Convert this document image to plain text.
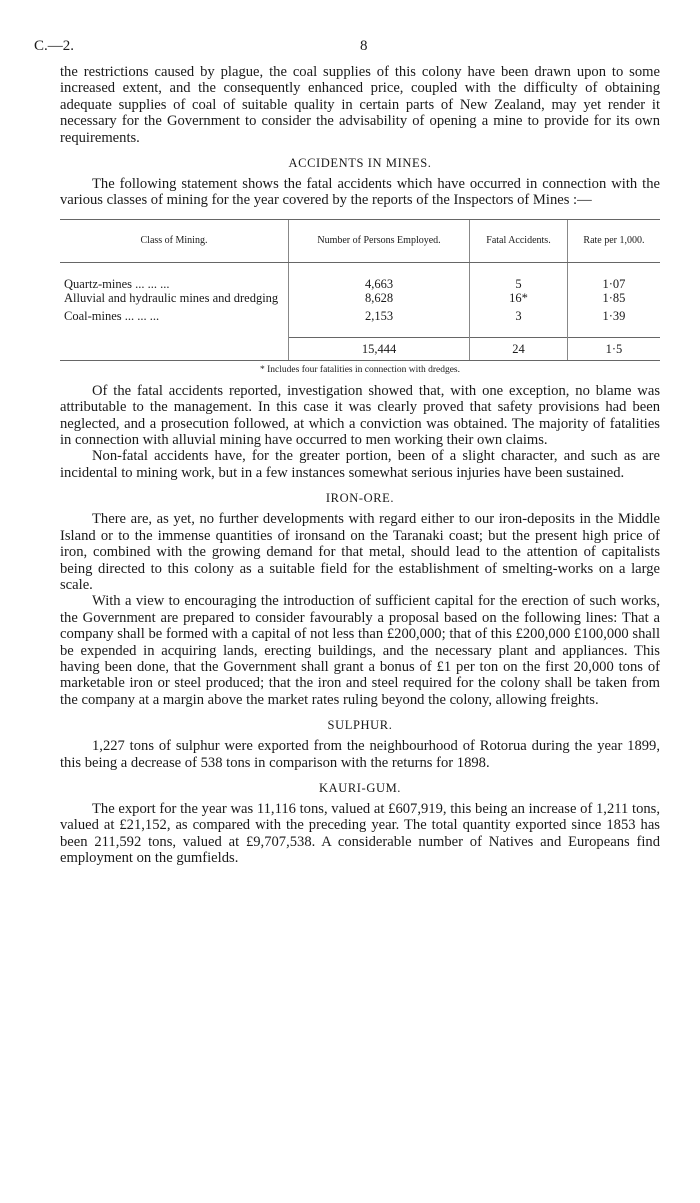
C.—2.	8

the restrictions caused by plague, the coal supplies of this colony have been drawn upon to some increased extent, and the consequently enhanced price, coupled with the difficulty of obtaining adequate supplies of coal of suitable quality in certain parts of New Zealand, may yet render it necessary for the Government to consider the advisability of opening a mine to provide for its own requirements.

ACCIDENTS IN MINES.

The following statement shows the fatal accidents which have occurred in connection with the various classes of mining for the year covered by the reports of the Inspectors of Mines :—

Class of Mining.	Number of Persons Employed.	Fatal Accidents.	Rate per 1,000.

Quartz-mines ... ... ...	4,663	5	1·07
Alluvial and hydraulic mines and dredging	8,628	16*	1·85
Coal-mines ... ... ...	2,153	3	1·39

	15,444	24	1·5
* Includes four fatalities in connection with dredges.

Of the fatal accidents reported, investigation showed that, with one exception, no blame was attributable to the management. In this case it was clearly proved that safety provisions had been neglected, and a prosecution followed, at which a conviction was obtained. The majority of fatalities in connection with alluvial mining have occurred to men working their own claims.

Non-fatal accidents have, for the greater portion, been of a slight character, and such as are incidental to mining work, but in a few instances somewhat serious injuries have been sustained.

IRON-ORE.

There are, as yet, no further developments with regard either to our iron-deposits in the Middle Island or to the immense quantities of ironsand on the Taranaki coast; but the present high price of iron, combined with the growing demand for that metal, should lead to the attention of capitalists being directed to this colony as a suitable field for the establishment of smelting-works on a large scale.

With a view to encouraging the introduction of sufficient capital for the erection of such works, the Government are prepared to consider favourably a proposal based on the following lines: That a company shall be formed with a capital of not less than £200,000; that of this £200,000 £100,000 shall be expended in acquiring lands, erecting buildings, and the necessary plant and appliances. This having been done, that the Government shall grant a bonus of £1 per ton on the first 20,000 tons of marketable iron or steel produced; that the iron and steel required for the colony shall be taken from the company at a margin above the market rates ruling beyond the colony, allowing freights.

SULPHUR.

1,227 tons of sulphur were exported from the neighbourhood of Rotorua during the year 1899, this being a decrease of 538 tons in comparison with the returns for 1898.

KAURI-GUM.

The export for the year was 11,116 tons, valued at £607,919, this being an increase of 1,211 tons, valued at £21,152, as compared with the preceding year. The total quantity exported since 1853 has been 211,592 tons, valued at £9,707,538. A considerable number of Natives and Europeans find employment on the gumfields.
